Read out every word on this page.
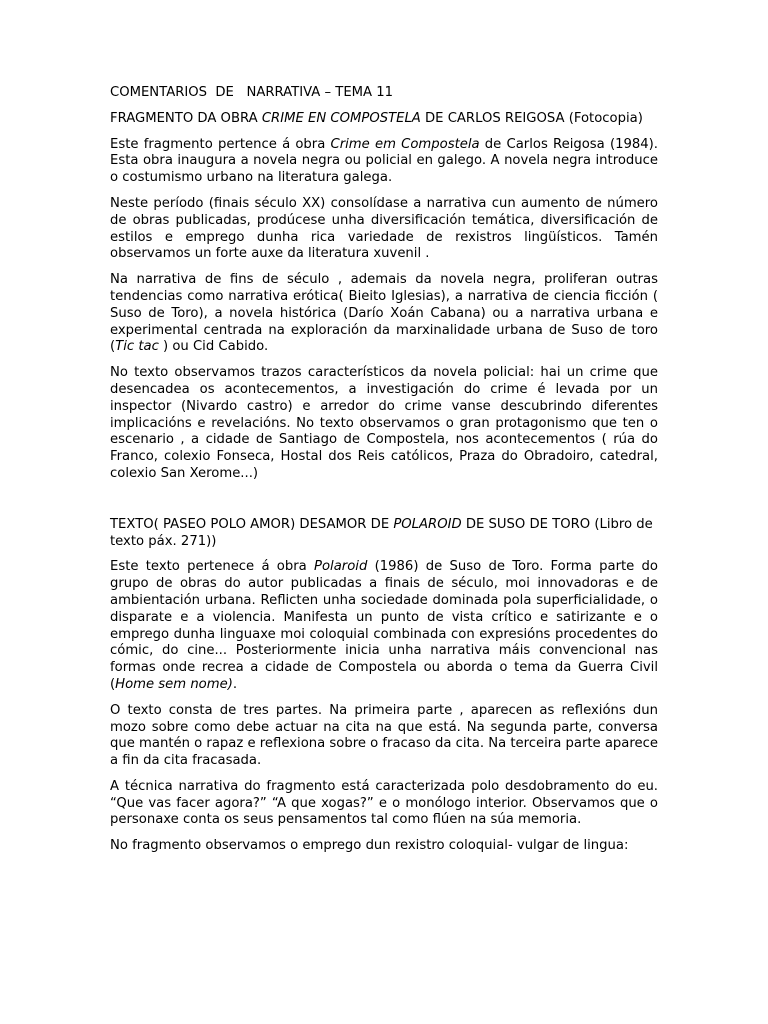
COMENTARIOS  DE   NARRATIVA – TEMA 11

FRAGMENTO DA OBRA CRIME EN COMPOSTELA DE CARLOS REIGOSA (Fotocopia)

Este fragmento pertence á obra Crime em Compostela de Carlos Reigosa (1984). Esta obra inaugura a novela negra ou policial en galego. A novela negra introduce o costumismo urbano na literatura galega.

Neste período (finais século XX) consolídase a narrativa cun aumento de número de obras publicadas, prodúcese unha diversificación temática, diversificación de estilos e emprego dunha rica variedade de rexistros lingüísticos. Tamén observamos un forte auxe da literatura xuvenil .

Na narrativa de fins de século , ademais da novela negra, proliferan outras tendencias como narrativa erótica( Bieito Iglesias), a narrativa de ciencia ficción ( Suso de Toro), a novela histórica (Darío Xoán Cabana) ou a narrativa urbana e experimental centrada na exploración da marxinalidade urbana de Suso de toro (Tic tac ) ou Cid Cabido.

No texto observamos trazos característicos da novela policial: hai un crime que desencadea os acontecementos, a investigación do crime é levada por un inspector (Nivardo castro) e arredor do crime vanse descubrindo diferentes implicacións e revelacións. No texto observamos o gran protagonismo que ten o escenario , a cidade de Santiago de Compostela, nos acontecementos ( rúa do Franco, colexio Fonseca, Hostal dos Reis católicos, Praza do Obradoiro, catedral, colexio San Xerome...)

TEXTO( PASEO POLO AMOR) DESAMOR DE POLAROID DE SUSO DE TORO (Libro de texto páx. 271))

Este texto pertenece á obra Polaroid (1986) de Suso de Toro. Forma parte do grupo de obras do autor publicadas a finais de século, moi innovadoras e de ambientación urbana. Reflicten unha sociedade dominada pola superficialidade, o disparate e a violencia. Manifesta un punto de vista crítico e satirizante e o emprego dunha linguaxe moi coloquial combinada con expresións procedentes do cómic, do cine... Posteriormente inicia unha narrativa máis convencional nas formas onde recrea a cidade de Compostela ou aborda o tema da Guerra Civil (Home sem nome).

O texto consta de tres partes. Na primeira parte , aparecen as reflexións dun mozo sobre como debe actuar na cita na que está. Na segunda parte, conversa que mantén o rapaz e reflexiona sobre o fracaso da cita. Na terceira parte aparece a fin da cita fracasada.

A técnica narrativa do fragmento está caracterizada polo desdobramento do eu. “Que vas facer agora?” “A que xogas?” e o monólogo interior. Observamos que o personaxe conta os seus pensamentos tal como flúen na súa memoria.

No fragmento observamos o emprego dun rexistro coloquial- vulgar de lingua:
